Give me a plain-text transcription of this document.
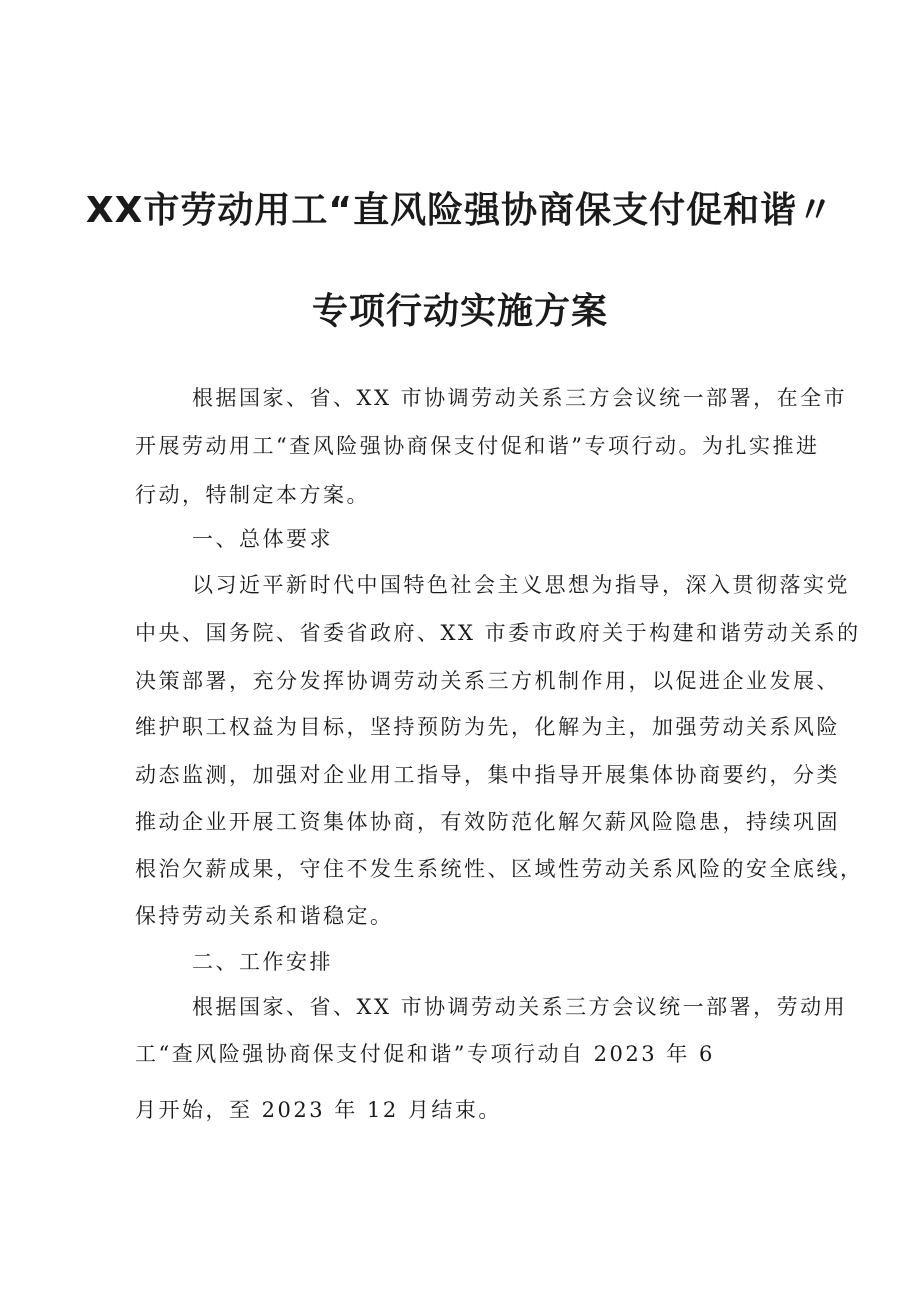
XX市劳动用工“直风险强协商保支付促和谐〃
专项行动实施方案
根据国家、省、XX 市协调劳动关系三方会议统一部署，在全市
开展劳动用工“查风险强协商保支付促和谐”专项行动。为扎实推进
行动，特制定本方案。
一、总体要求
以习近平新时代中国特色社会主义思想为指导，深入贯彻落实党
中央、国务院、省委省政府、XX 市委市政府关于构建和谐劳动关系的
决策部署，充分发挥协调劳动关系三方机制作用，以促进企业发展、
维护职工权益为目标，坚持预防为先，化解为主，加强劳动关系风险
动态监测，加强对企业用工指导，集中指导开展集体协商要约，分类
推动企业开展工资集体协商，有效防范化解欠薪风险隐患，持续巩固
根治欠薪成果，守住不发生系统性、区域性劳动关系风险的安全底线，
保持劳动关系和谐稳定。
二、工作安排
根据国家、省、XX 市协调劳动关系三方会议统一部署，劳动用
工“查风险强协商保支付促和谐”专项行动自 2023 年 6
月开始，至 2023 年 12 月结束。
